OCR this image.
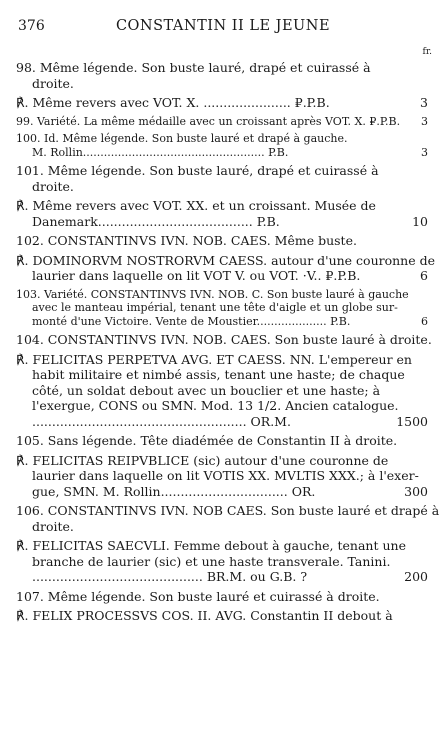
376	CONSTANTIN II LE JEUNE
fr.
98. Même légende. Son buste lauré, drapé et cuirassé à
droite.
℟. Même revers avec VOT. X. ...................... ₽.P.B.	3
99. Variété. La même médaille avec un croissant après VOT. X. ₽.P.B. 3
100. Id. Même légende. Son buste lauré et drapé à gauche.
M. Rollin.................................................... P.B.	3
101. Même légende. Son buste lauré, drapé et cuirassé à
droite.
℟. Même revers avec VOT. XX. et un croissant. Musée de
Danemark....................................... P.B.	10
102. CONSTANTINVS IVN. NOB. CAES. Même buste.
℟. DOMINORVM NOSTRORVM CAESS. autour d'une couronne de
laurier dans laquelle on lit VOT V. ou VOT. ·V.. ₽.P.B.	6
103. Variété. CONSTANTINVS IVN. NOB. C. Son buste lauré à gauche
avec le manteau impérial, tenant une tête d'aigle et un globe sur-
monté d'une Victoire. Vente de Moustier.................... P.B.	6
104. CONSTANTINVS IVN. NOB. CAES. Son buste lauré à droite.
℟. FELICITAS PERPETVA AVG. ET CAESS. NN. L'empereur en
habit militaire et nimbé assis, tenant une haste; de chaque
côté, un soldat debout avec un bouclier et une haste; à
l'exergue, CONS ou SMN. Mod. 13 1/2. Ancien catalogue.
...................................................... OR.M.	1500
105. Sans légende. Tête diadémée de Constantin II à droite.
℟. FELICITAS REIPVBLICE (sic) autour d'une couronne de
laurier dans laquelle on lit VOTIS XX. MVLTIS XXX.; à l'exer-
gue, SMN. M. Rollin................................ OR.	300
106. CONSTANTINVS IVN. NOB CAES. Son buste lauré et drapé à
droite.
℟. FELICITAS SAECVLI. Femme debout à gauche, tenant une
branche de laurier (sic) et une haste transverale. Tanini.
........................................... BR.M. ou G.B. ?	200
107. Même légende. Son buste lauré et cuirassé à droite.
℟. FELIX PROCESSVS COS. II. AVG. Constantin II debout à
